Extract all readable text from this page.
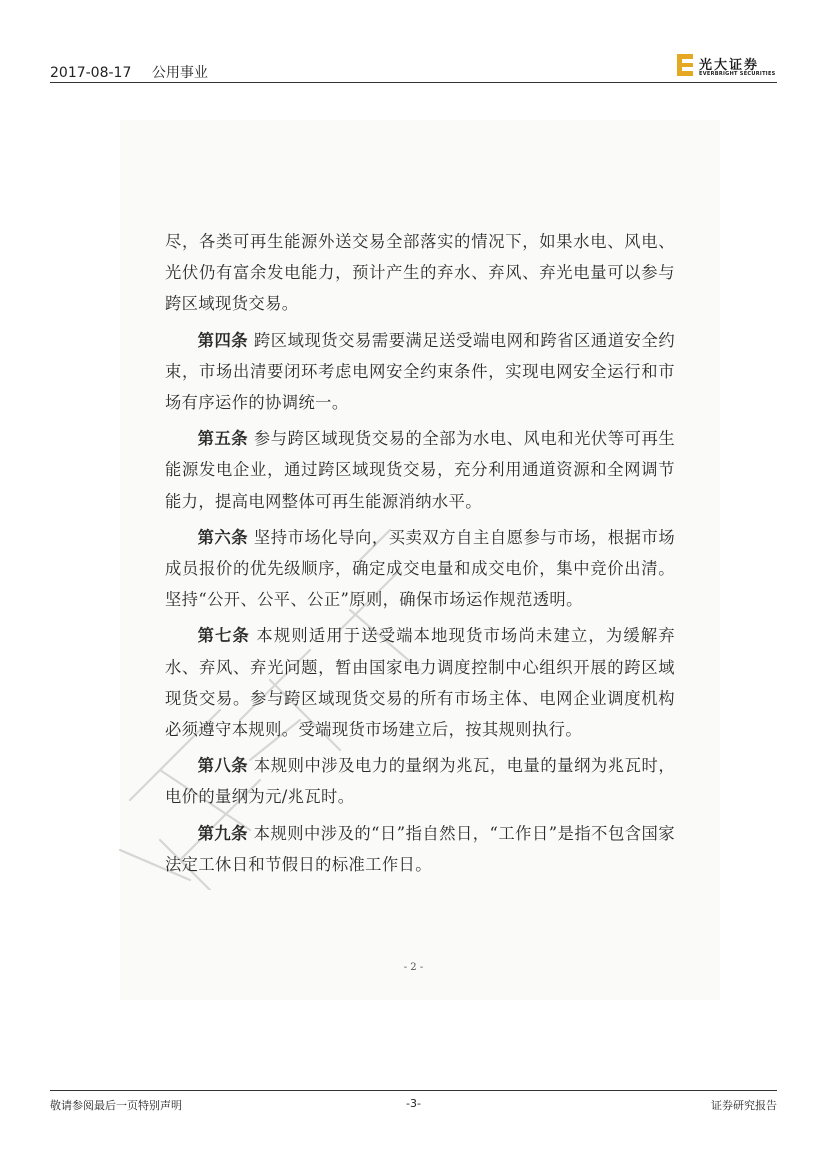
2017-08-17 公用事业	光大证券
EVERBRIGHT SECURITIES

尽，各类可再生能源外送交易全部落实的情况下，如果水电、风电、光伏仍有富余发电能力，预计产生的弃水、弃风、弃光电量可以参与跨区域现货交易。

第四条 跨区域现货交易需要满足送受端电网和跨省区通道安全约束，市场出清要闭环考虑电网安全约束条件，实现电网安全运行和市场有序运作的协调统一。

第五条 参与跨区域现货交易的全部为水电、风电和光伏等可再生能源发电企业，通过跨区域现货交易，充分利用通道资源和全网调节能力，提高电网整体可再生能源消纳水平。

第六条 坚持市场化导向，买卖双方自主自愿参与市场，根据市场成员报价的优先级顺序，确定成交电量和成交电价，集中竞价出清。坚持“公开、公平、公正”原则，确保市场运作规范透明。

第七条 本规则适用于送受端本地现货市场尚未建立，为缓解弃水、弃风、弃光问题，暂由国家电力调度控制中心组织开展的跨区域现货交易。参与跨区域现货交易的所有市场主体、电网企业调度机构必须遵守本规则。受端现货市场建立后，按其规则执行。

第八条 本规则中涉及电力的量纲为兆瓦，电量的量纲为兆瓦时，电价的量纲为元/兆瓦时。

第九条 本规则中涉及的“日”指自然日，“工作日”是指不包含国家法定工休日和节假日的标准工作日。

- 2 -
敬请参阅最后一页特别声明	-3-	证券研究报告
